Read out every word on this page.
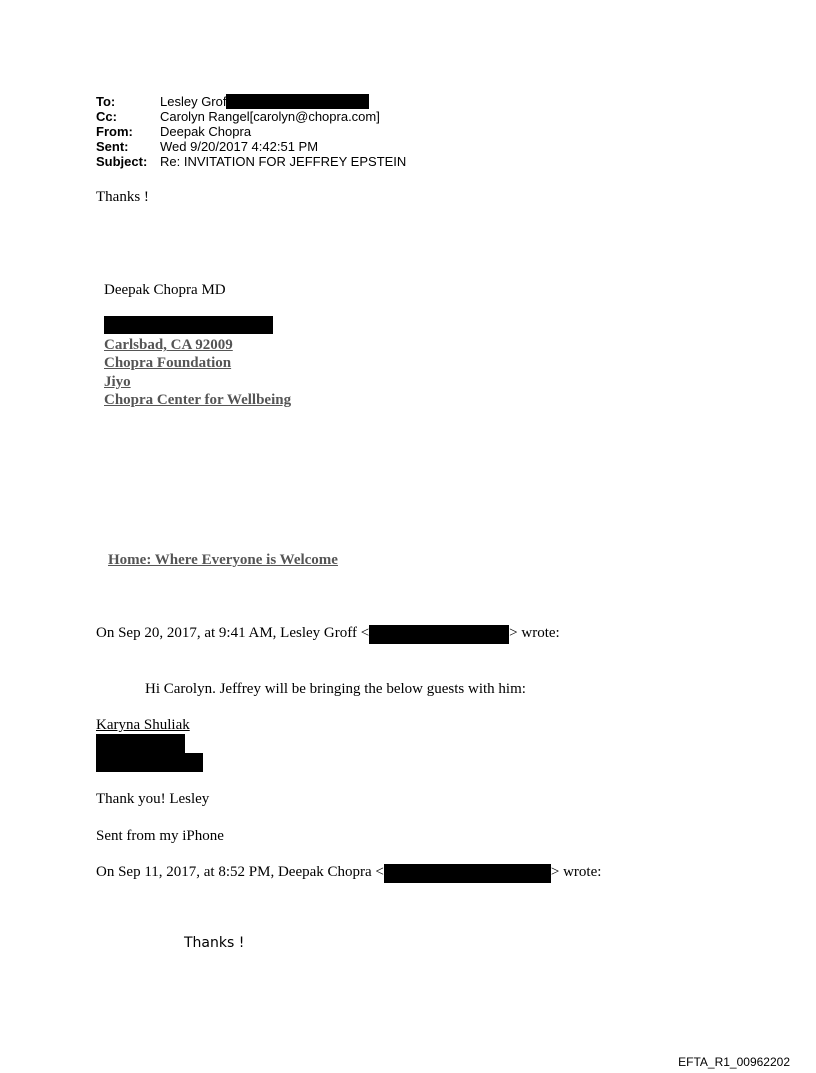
To:	Lesley Grof
Cc:	Carolyn Rangel[carolyn@chopra.com]
From:	Deepak Chopra
Sent:	Wed 9/20/2017 4:42:51 PM
Subject: Re: INVITATION FOR JEFFREY EPSTEIN
Thanks !
Deepak Chopra MD
Carlsbad, CA 92009
Chopra Foundation
Jiyo
Chopra Center for Wellbeing
Home: Where Everyone is Welcome
On Sep 20, 2017, at 9:41 AM, Lesley Groff <	> wrote:
Hi Carolyn. Jeffrey will be bringing the below guests with him:
Karyna Shuliak
Thank you! Lesley
Sent from my iPhone
On Sep 11, 2017, at 8:52 PM, Deepak Chopra <	> wrote:
Thanks !
EFTA_R1_00962202
